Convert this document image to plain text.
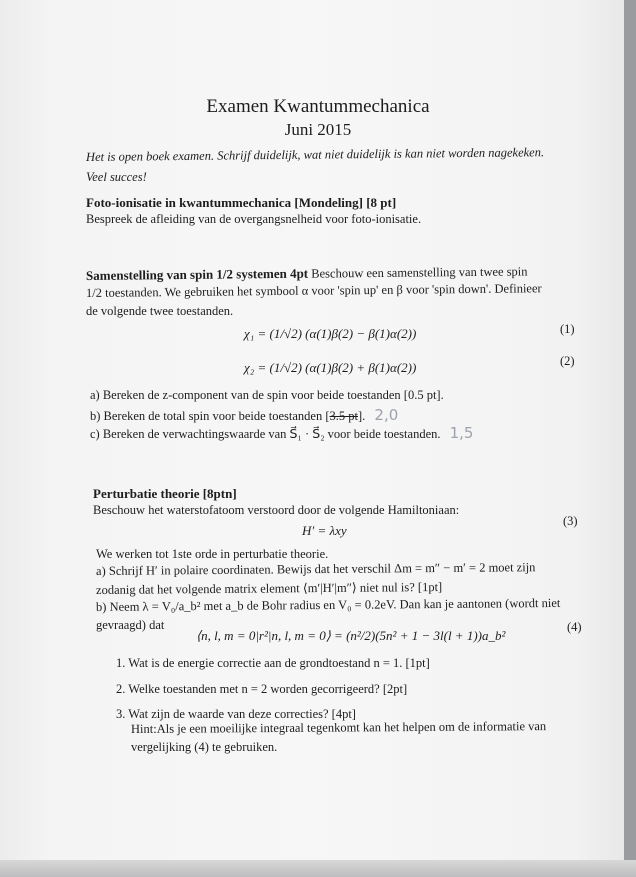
Examen Kwantummechanica
Juni 2015
Het is open boek examen. Schrijf duidelijk, wat niet duidelijk is kan niet worden nagekeken.
Veel succes!
Foto-ionisatie in kwantummechanica [Mondeling] [8 pt]
Bespreek de afleiding van de overgangsnelheid voor foto-ionisatie.
Samenstelling van spin 1/2 systemen 4pt Beschouw een samenstelling van twee spin
1/2 toestanden. We gebruiken het symbool α voor 'spin up' en β voor 'spin down'. Definieer
de volgende twee toestanden.
χ₁ = (1/√2) (α(1)β(2) − β(1)α(2))	(1)
χ₂ = (1/√2) (α(1)β(2) + β(1)α(2))	(2)
a) Bereken de z-component van de spin voor beide toestanden [0.5 pt].
b) Bereken de total spin voor beide toestanden [3.5 pt]. 2,0
c) Bereken de verwachtingswaarde van S⃗₁ · S⃗₂ voor beide toestanden. 1,5
Perturbatie theorie [8ptn]
Beschouw het waterstofatoom verstoord door de volgende Hamiltoniaan:
H′ = λxy
(3)
We werken tot 1ste orde in perturbatie theorie.
a) Schrijf H′ in polaire coordinaten. Bewijs dat het verschil Δm = m″ − m′ = 2 moet zijn
zodanig dat het volgende matrix element ⟨m′|H′|m″⟩ niet nul is? [1pt]
b) Neem λ = V₀/a_b² met a_b de Bohr radius en V₀ = 0.2eV. Dan kan je aantonen (wordt niet
gevraagd) dat
⟨n, l, m = 0|r²|n, l, m = 0⟩ = (n²/2)(5n² + 1 − 3l(l + 1))a_b²
(4)
1. Wat is de energie correctie aan de grondtoestand n = 1. [1pt]
2. Welke toestanden met n = 2 worden gecorrigeerd? [2pt]
3. Wat zijn de waarde van deze correcties? [4pt]
Hint:Als je een moeilijke integraal tegenkomt kan het helpen om de informatie van
vergelijking (4) te gebruiken.
